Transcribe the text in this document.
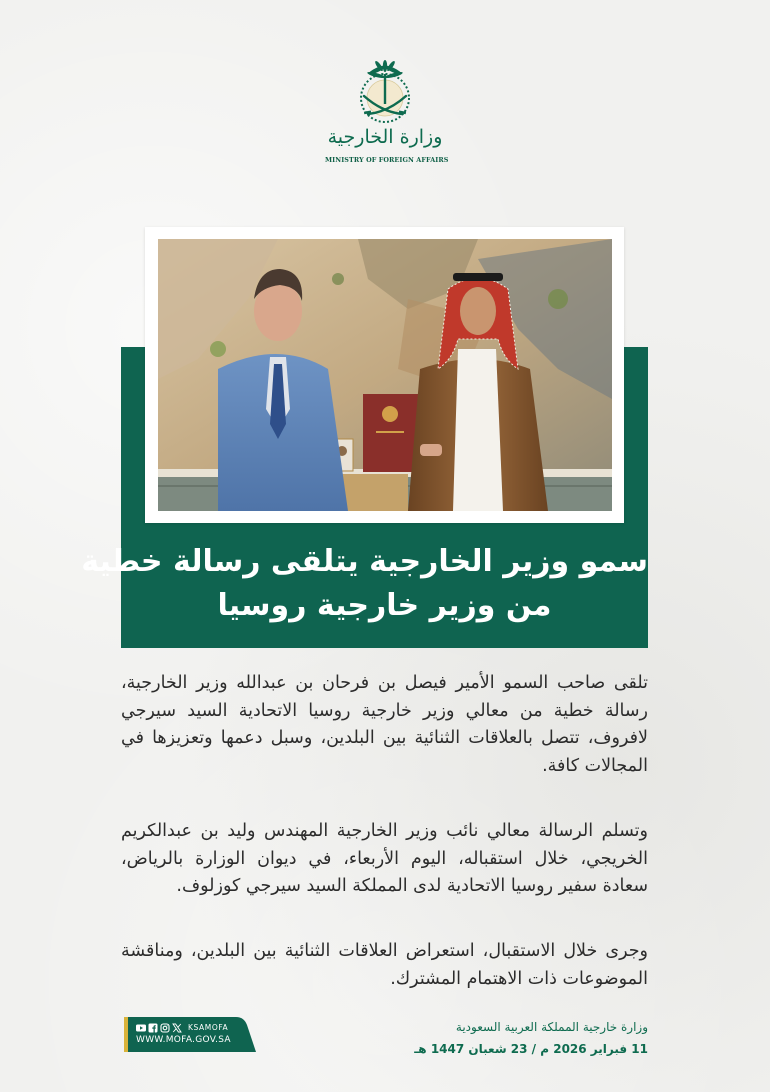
وزارة الخارجية
MINISTRY OF FOREIGN AFFAIRS
سمو وزير الخارجية يتلقى رسالة خطية
من وزير خارجية روسيا
تلقى صاحب السمو الأمير فيصل بن فرحان بن عبدالله وزير الخارجية، رسالة خطية من معالي وزير خارجية روسيا الاتحادية السيد سيرجي لافروف، تتصل بالعلاقات الثنائية بين البلدين، وسبل دعمها وتعزيزها في المجالات كافة.
وتسلم الرسالة معالي نائب وزير الخارجية المهندس وليد بن عبدالكريم الخريجي، خلال استقباله، اليوم الأربعاء، في ديوان الوزارة بالرياض، سعادة سفير روسيا الاتحادية لدى المملكة السيد سيرجي كوزلوف.
وجرى خلال الاستقبال، استعراض العلاقات الثنائية بين البلدين، ومناقشة الموضوعات ذات الاهتمام المشترك.
KSAMOFA
WWW.MOFA.GOV.SA
وزارة خارجية المملكة العربية السعودية
11 فبراير 2026 م / 23 شعبان 1447 هـ
